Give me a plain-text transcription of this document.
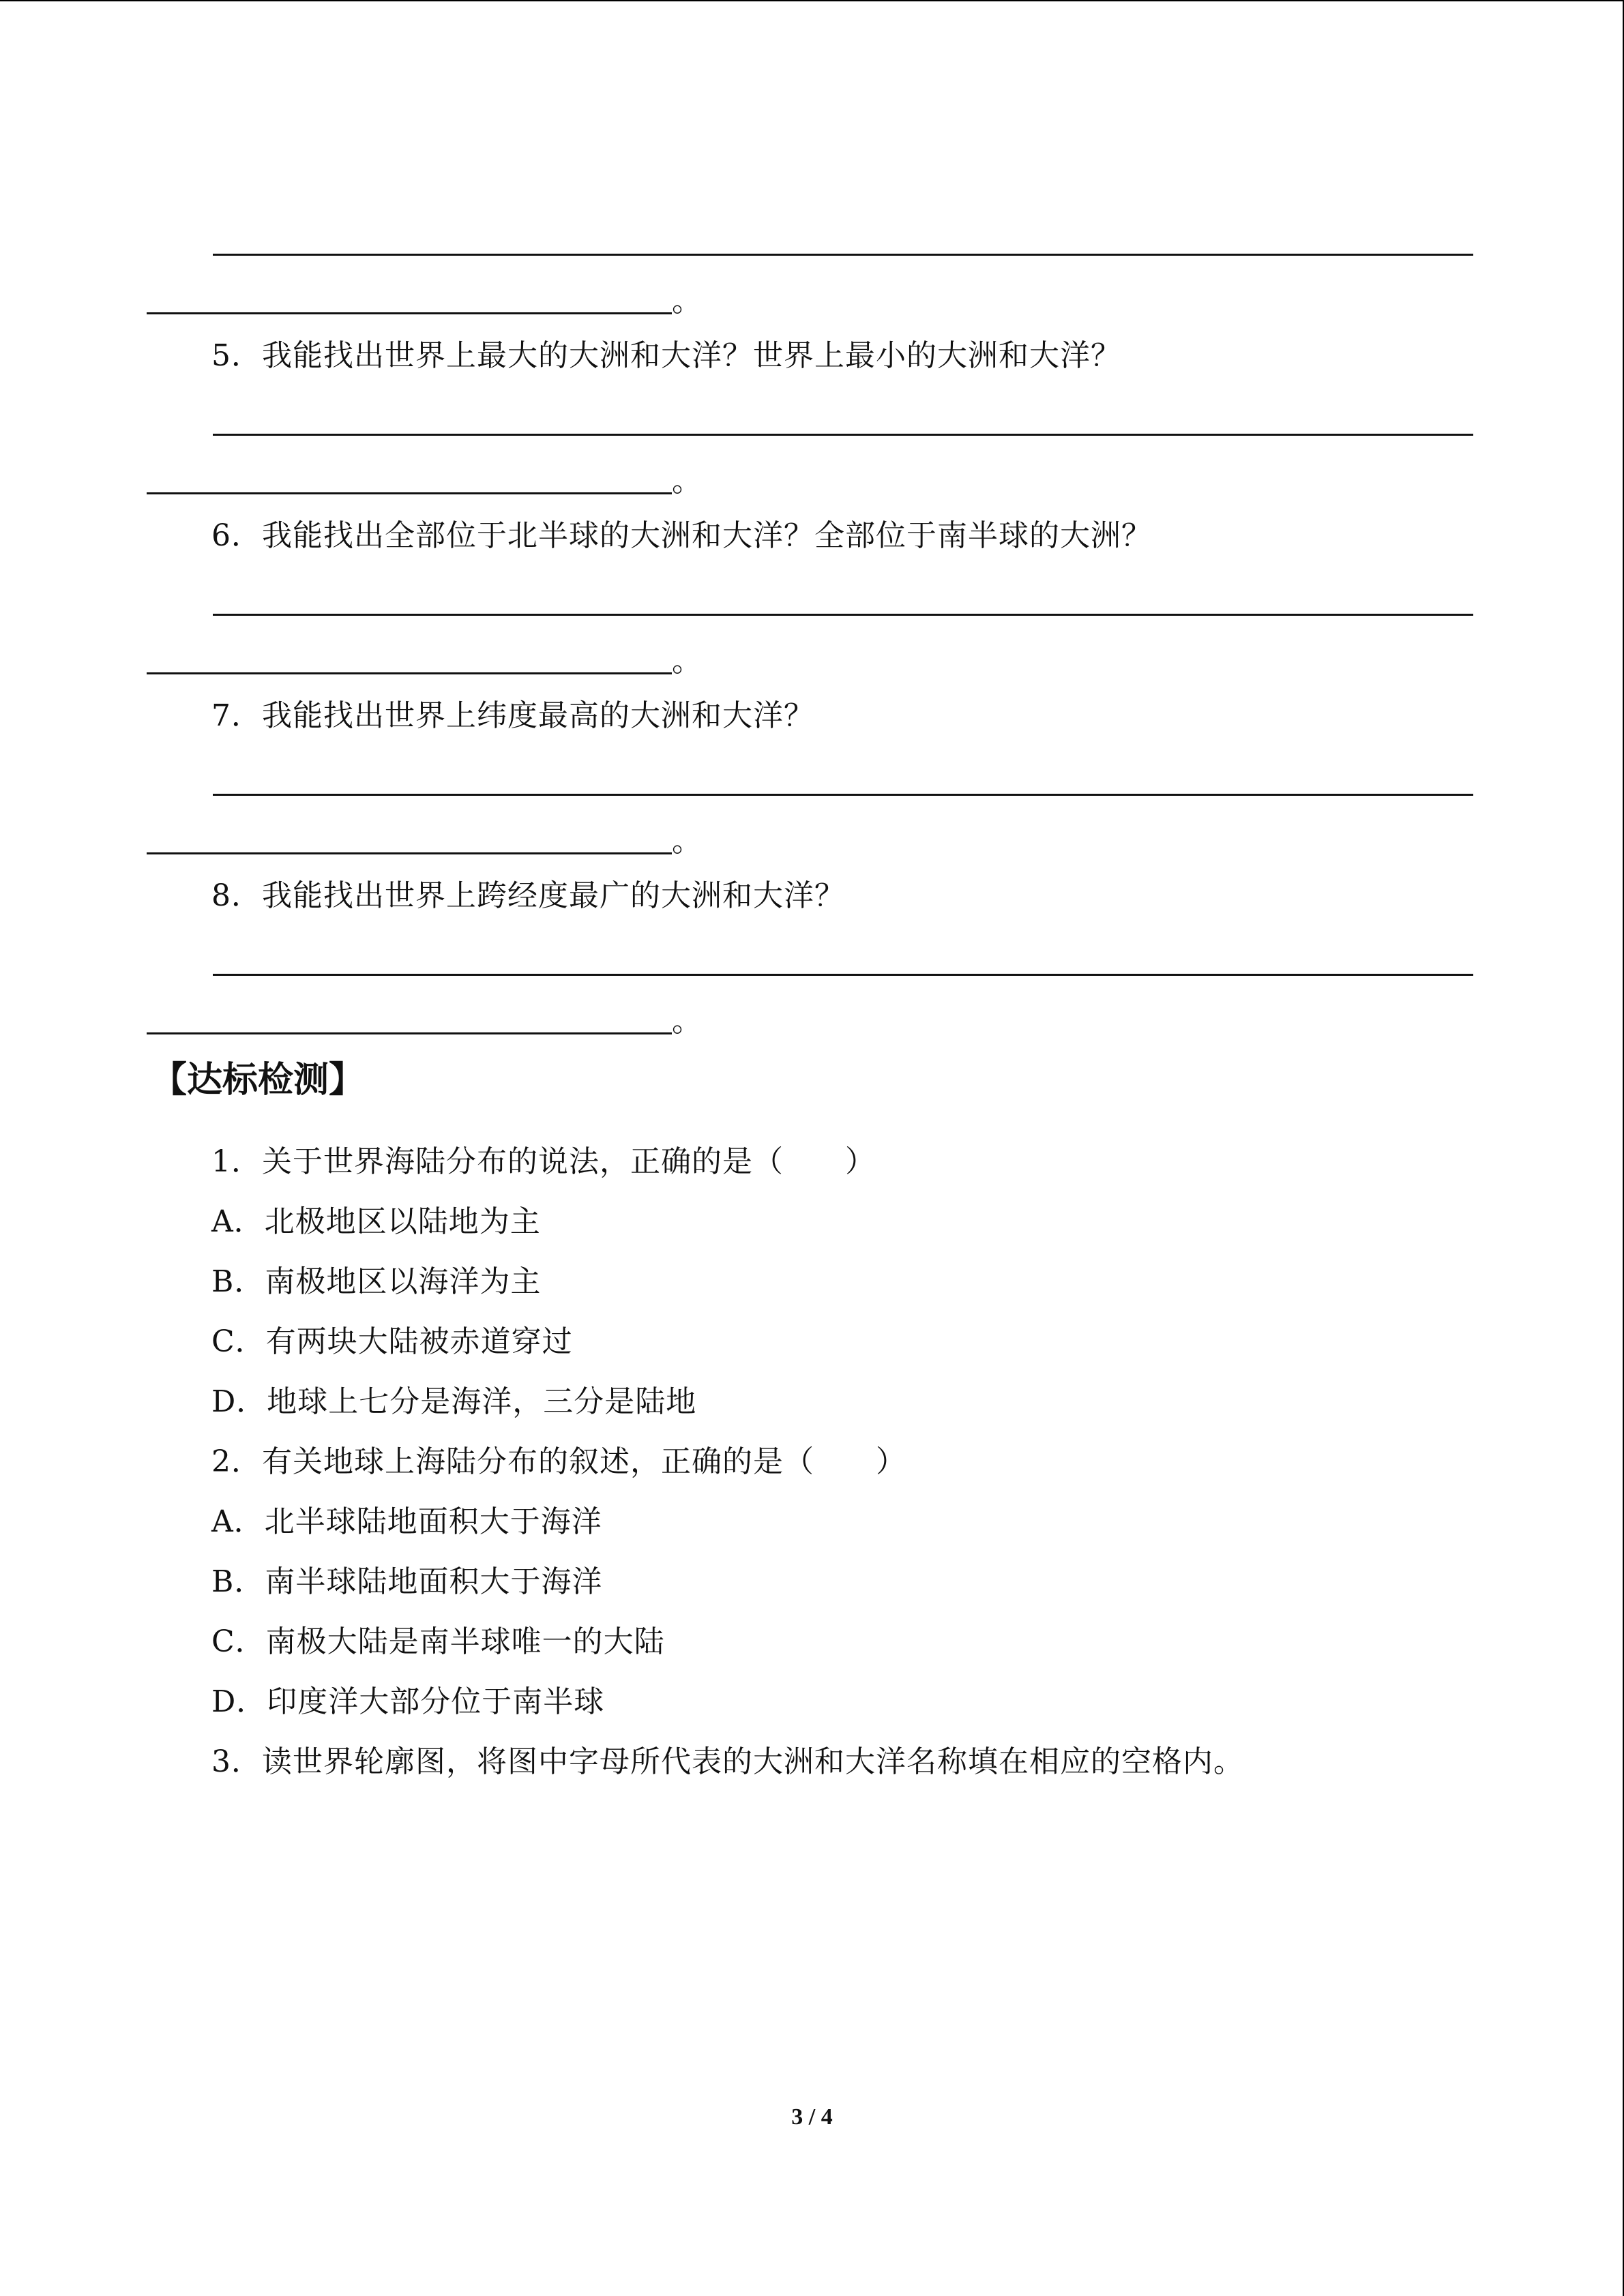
。
5．我能找出世界上最大的大洲和大洋？世界上最小的大洲和大洋？
。
6．我能找出全部位于北半球的大洲和大洋？全部位于南半球的大洲？
。
7．我能找出世界上纬度最高的大洲和大洋？
。
8．我能找出世界上跨经度最广的大洲和大洋？
。
【达标检测】
1．关于世界海陆分布的说法，正确的是（　　）
A．北极地区以陆地为主
B．南极地区以海洋为主
C．有两块大陆被赤道穿过
D．地球上七分是海洋，三分是陆地
2．有关地球上海陆分布的叙述，正确的是（　　）
A．北半球陆地面积大于海洋
B．南半球陆地面积大于海洋
C．南极大陆是南半球唯一的大陆
D．印度洋大部分位于南半球
3．读世界轮廓图，将图中字母所代表的大洲和大洋名称填在相应的空格内。
3 / 4
